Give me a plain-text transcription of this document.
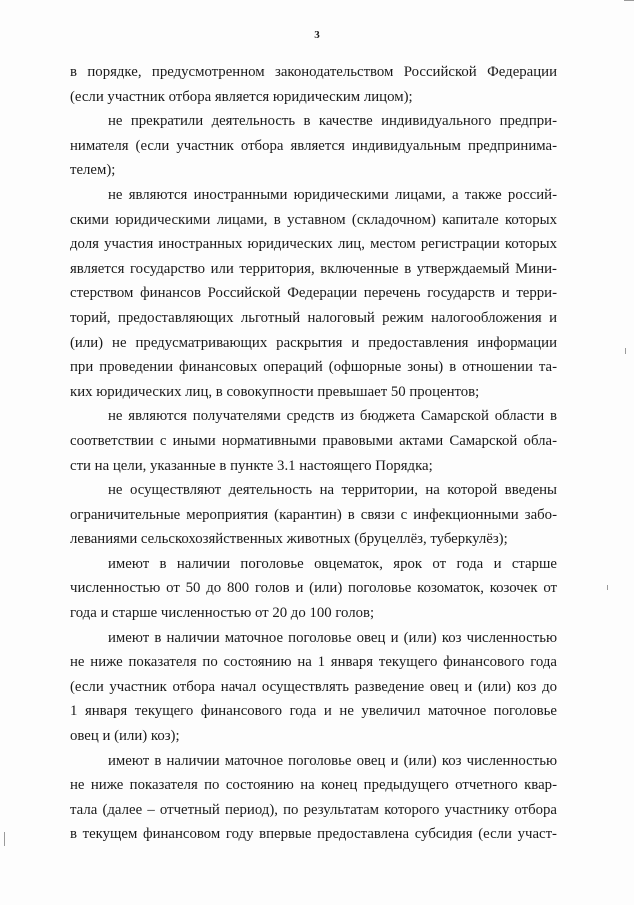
3
в порядке, предусмотренном законодательством Российской Федерации
(если участник отбора является юридическим лицом);
не прекратили деятельность в качестве индивидуального предпри-
нимателя (если участник отбора является индивидуальным предпринима-
телем);
не являются иностранными юридическими лицами, а также россий-
скими юридическими лицами, в уставном (складочном) капитале которых
доля участия иностранных юридических лиц, местом регистрации которых
является государство или территория, включенные в утверждаемый Мини-
стерством финансов Российской Федерации перечень государств и терри-
торий, предоставляющих льготный налоговый режим налогообложения и
(или) не предусматривающих раскрытия и предоставления информации
при проведении финансовых операций (офшорные зоны) в отношении та-
ких юридических лиц, в совокупности превышает 50 процентов;
не являются получателями средств из бюджета Самарской области в
соответствии с иными нормативными правовыми актами Самарской обла-
сти на цели, указанные в пункте 3.1 настоящего Порядка;
не осуществляют деятельность на территории, на которой введены
ограничительные мероприятия (карантин) в связи с инфекционными забо-
леваниями сельскохозяйственных животных (бруцеллёз, туберкулёз);
имеют в наличии поголовье овцематок, ярок от года и старше
численностью от 50 до 800 голов и (или) поголовье козоматок, козочек от
года и старше численностью от 20 до 100 голов;
имеют в наличии маточное поголовье овец и (или) коз численностью
не ниже показателя по состоянию на 1 января текущего финансового года
(если участник отбора начал осуществлять разведение овец и (или) коз до
1 января текущего финансового года и не увеличил маточное поголовье
овец и (или) коз);
имеют в наличии маточное поголовье овец и (или) коз численностью
не ниже показателя по состоянию на конец предыдущего отчетного квар-
тала (далее – отчетный период), по результатам которого участнику отбора
в текущем финансовом году впервые предоставлена субсидия (если участ-
